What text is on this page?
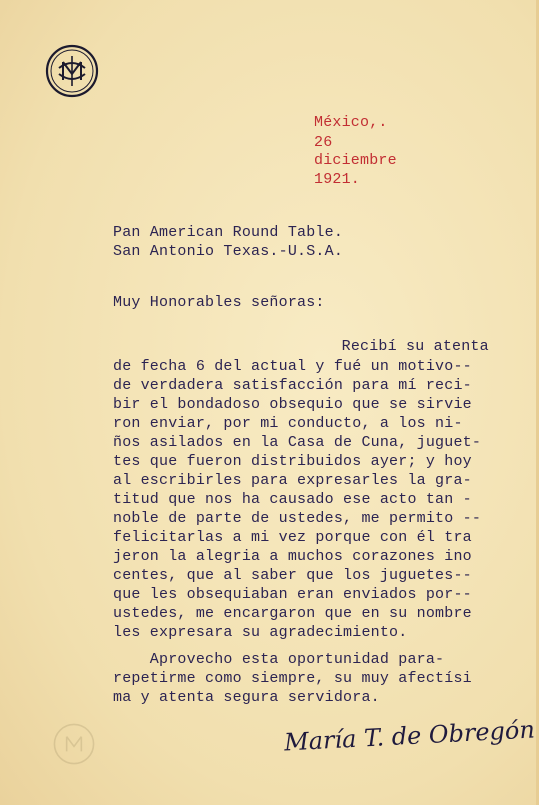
México,.
26
diciembre
1921.
Pan American Round Table.
San Antonio Texas.-U.S.A.
Muy Honorables señoras:
Recibí su atenta
de fecha 6 del actual y fué un motivo--
de verdadera satisfacción para mí reci-
bir el bondadoso obsequio que se sirvie
ron enviar, por mi conducto, a los ni-
ños asilados en la Casa de Cuna, juguet-
tes que fueron distribuidos ayer; y hoy
al escribirles para expresarles la gra-
titud que nos ha causado ese acto tan -
noble de parte de ustedes, me permito --
felicitarlas a mi vez porque con él tra
jeron la alegria a muchos corazones ino
centes, que al saber que los juguetes--
que les obsequiaban eran enviados por--
ustedes, me encargaron que en su nombre
les expresara su agradecimiento.
Aprovecho esta oportunidad para-
repetirme como siempre, su muy afectísi
ma y atenta segura servidora.
María T. de Obregón
